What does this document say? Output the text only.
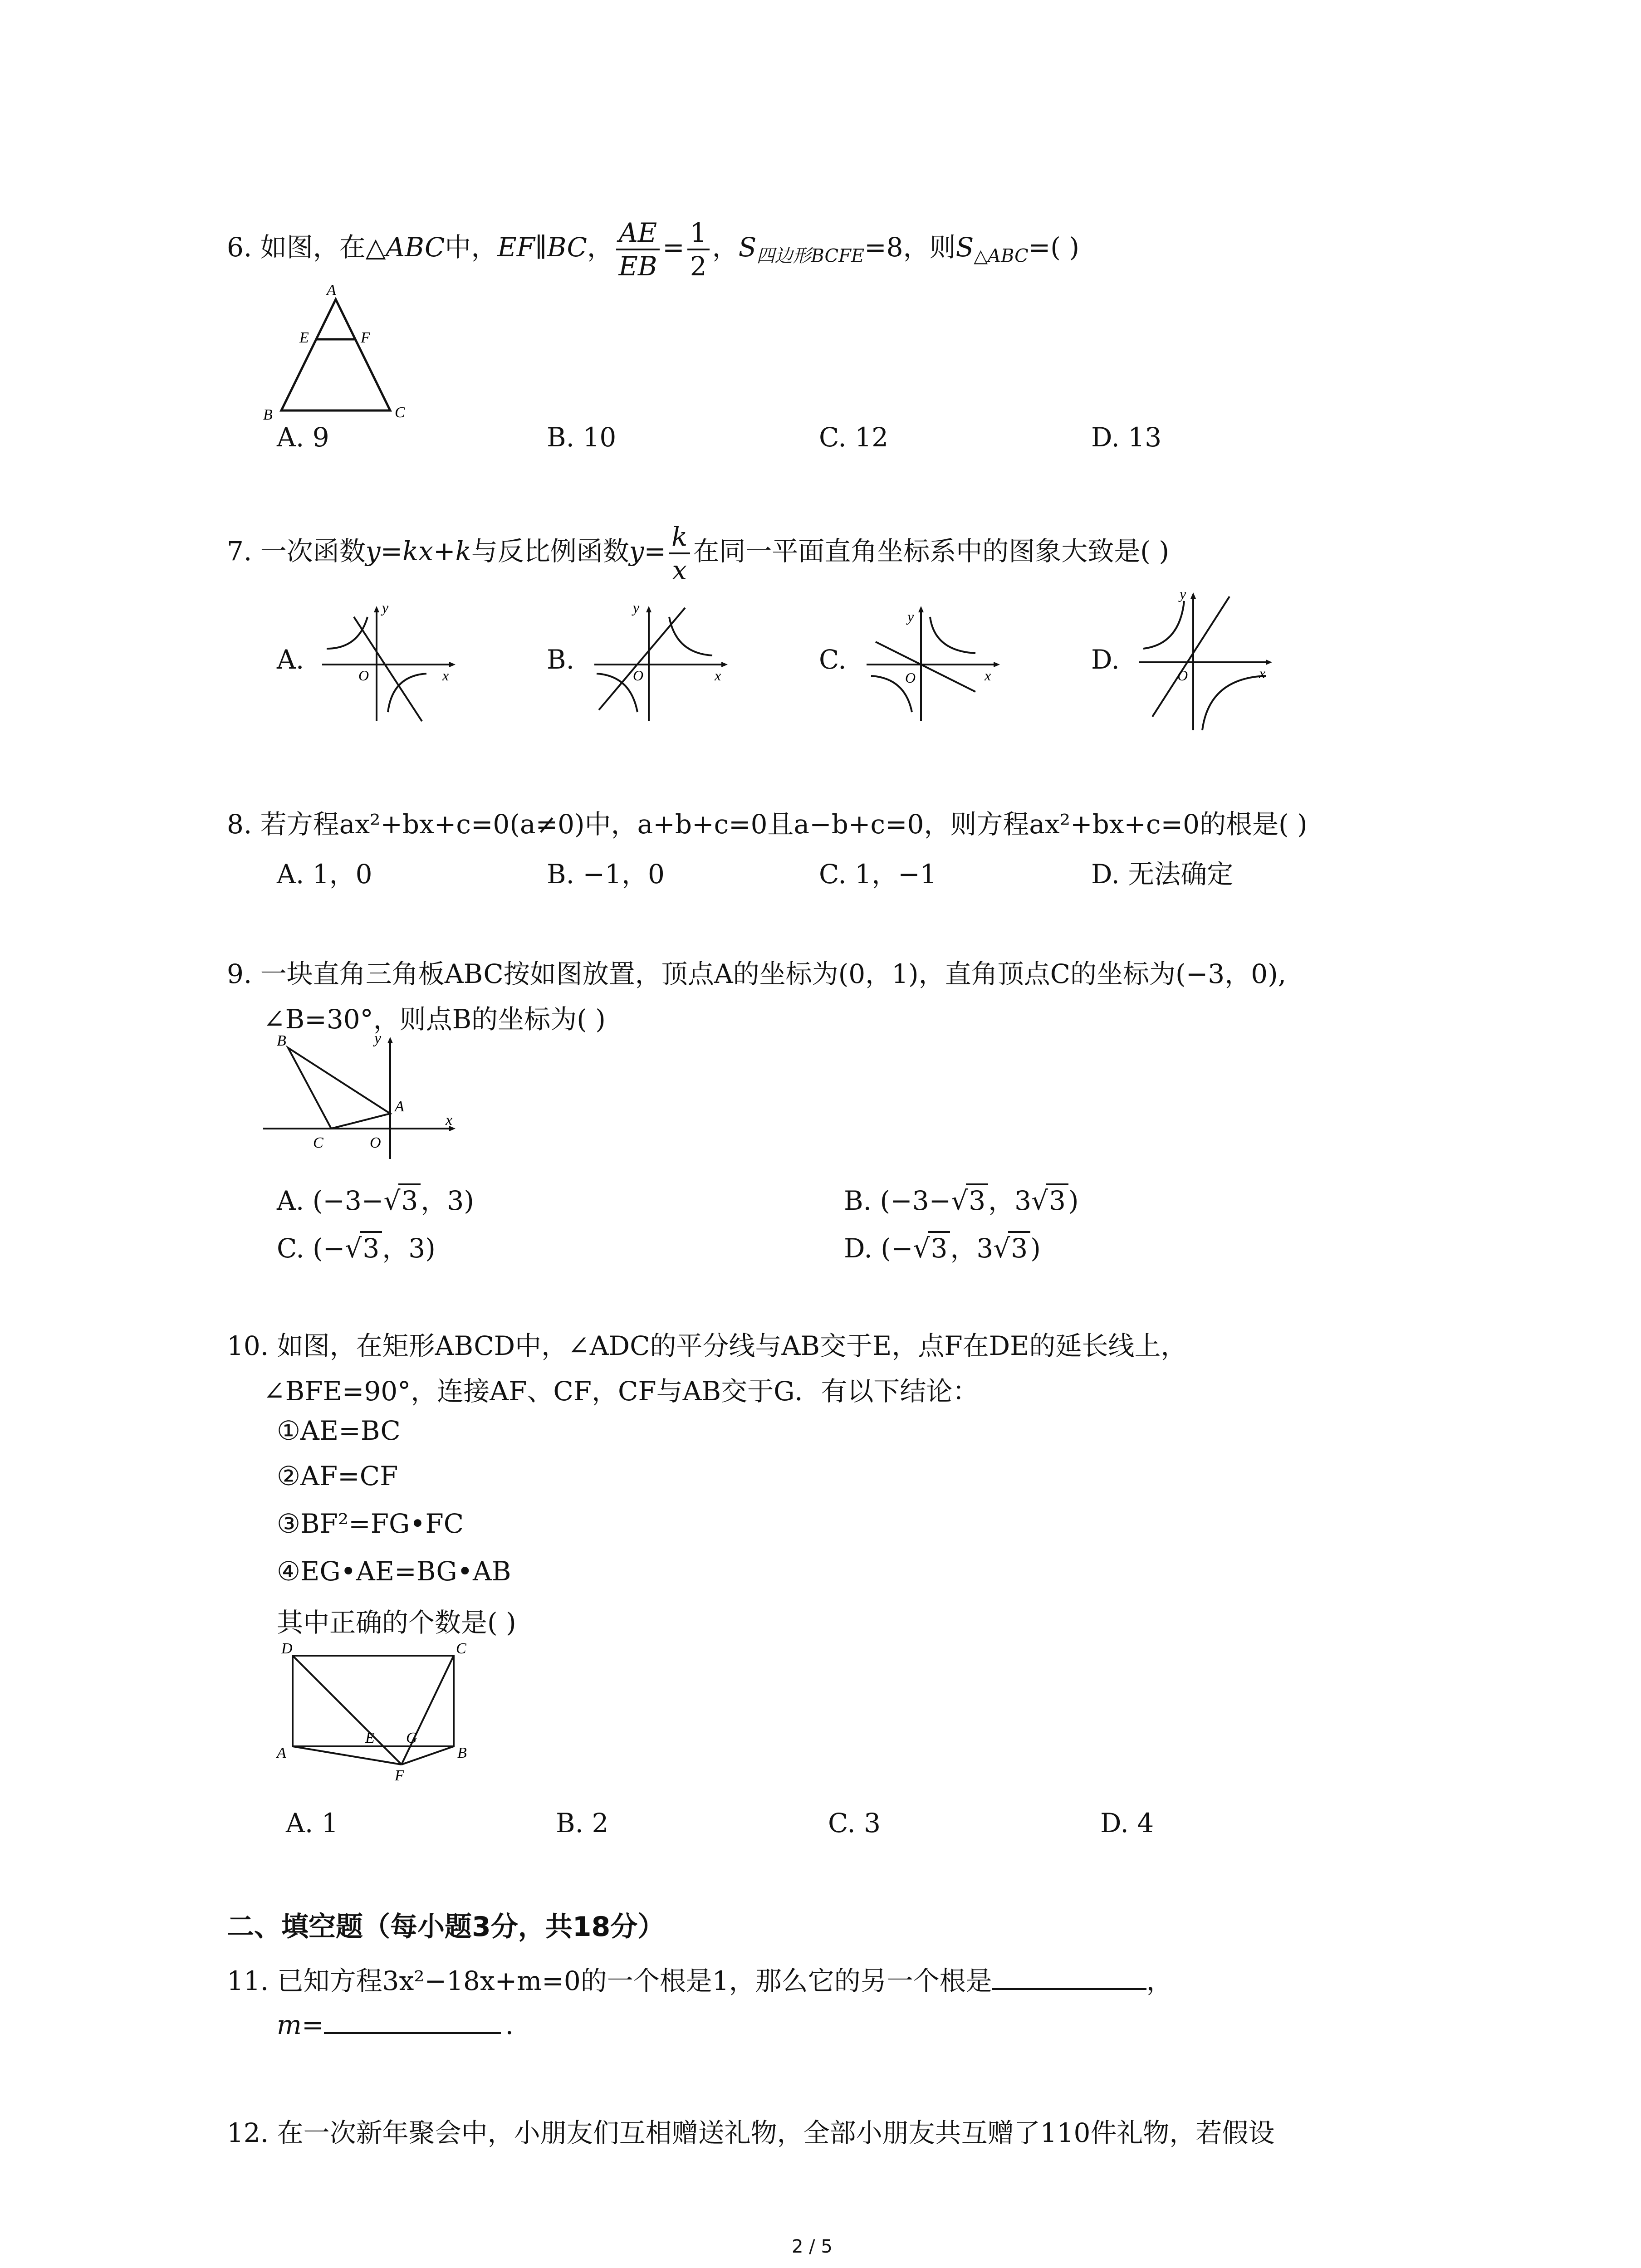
6. 如图，在△ABC中，EF∥BC， $\frac{AE}{EB} = \frac{1}{2}$ ，$S_{四边形BCFE}=8$，则$S_{\triangle ABC}=$( )
A
E	F
B	C
A. 9	B. 10	C. 12	D. 13
7. 一次函数y=kx+k与反比例函数$y= \frac{k}{x}$ 在同一平面直角坐标系中的图象大致是( )
A.	B.	C.	D.
y
x
O
y
x
O
y
x
O
y
x
O
8. 若方程ax²+bx+c=0(a≠0)中，a+b+c=0且a−b+c=0，则方程ax²+bx+c=0的根是( )
A. 1，0	B. −1，0	C. 1，−1	D. 无法确定
9. 一块直角三角板ABC按如图放置，顶点A的坐标为(0，1)，直角顶点C的坐标为(−3，0),
∠B=30°，则点B的坐标为( )
B	y
A
x
C	O
A. (−3−√3 ，3)	B. (−3−√3 ，3√3 )
C. (−√3 ，3)	D. (−√3 ，3√3 )
10. 如图，在矩形ABCD中，∠ADC的平分线与AB交于E，点F在DE的延长线上，
∠BFE=90°，连接AF、CF，CF与AB交于G．有以下结论：
①AE=BC
②AF=CF
③BF²=FG•FC
④EG•AE=BG•AB
其中正确的个数是( )
D	C
A
E G
B
F
A. 1	B. 2	C. 3	D. 4
二、填空题（每小题3分，共18分）
11. 已知方程3x²−18x+m=0的一个根是1，那么它的另一个根是	，
m=	.
12. 在一次新年聚会中，小朋友们互相赠送礼物，全部小朋友共互赠了110件礼物，若假设
2 / 5
